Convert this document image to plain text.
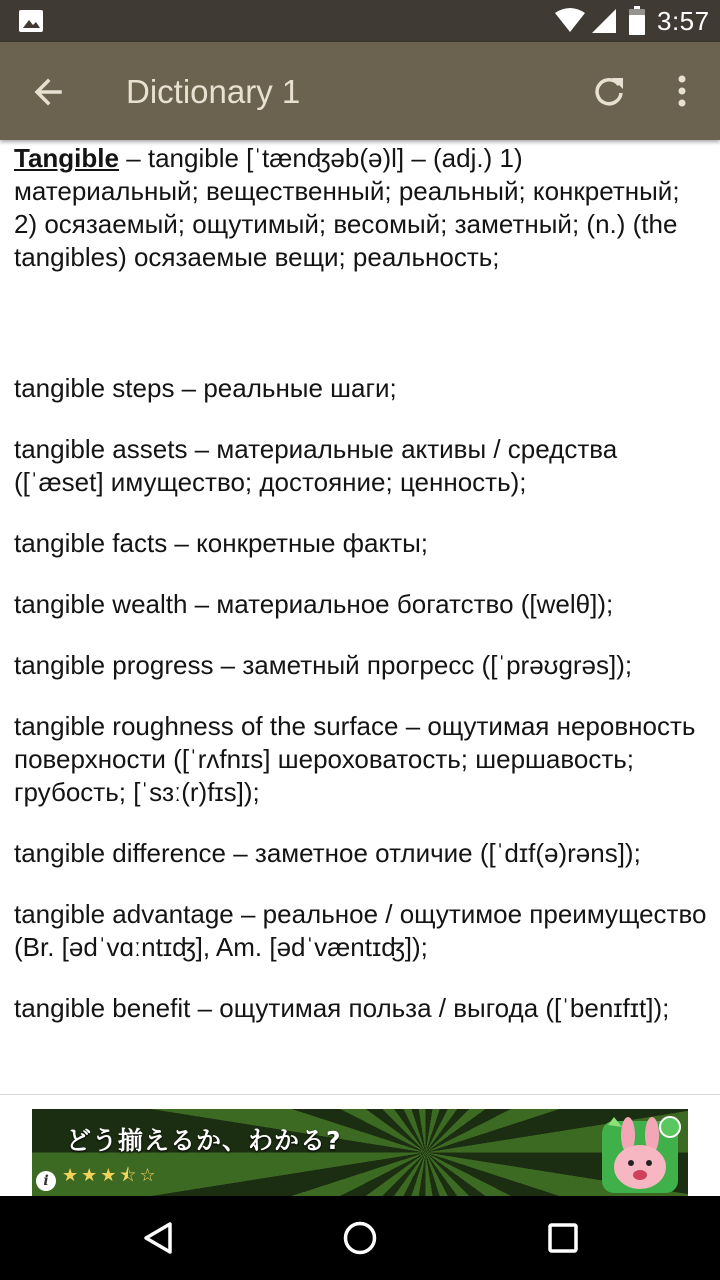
3:57
Dictionary 1

Tangible – tangible [ˈtænʤəb(ə)l] – (adj.) 1) материальный; вещественный; реальный; конкретный; 2) осязаемый; ощутимый; весомый; заметный; (n.) (the tangibles) осязаемые вещи; реальность;

tangible steps – реальные шаги;

tangible assets – материальные активы / средства ([ˈæset] имущество; достояние; ценность);

tangible facts – конкретные факты;

tangible wealth – материальное богатство ([welθ]);

tangible progress – заметный прогресс ([ˈprəʊgrəs]);

tangible roughness of the surface – ощутимая неровность поверхности ([ˈrʌfnɪs] шероховатость; шершавость; грубость; [ˈsɜː(r)fɪs]);

tangible difference – заметное отличие ([ˈdɪf(ə)rəns]);

tangible advantage – реальное / ощутимое преимущество (Br. [ədˈvɑːntɪʤ], Am. [ədˈvæntɪʤ]);

tangible benefit – ощутимая польза / выгода ([ˈbenɪfɪt]);

どう揃えるか、わかる?
★★★⯪☆
i
